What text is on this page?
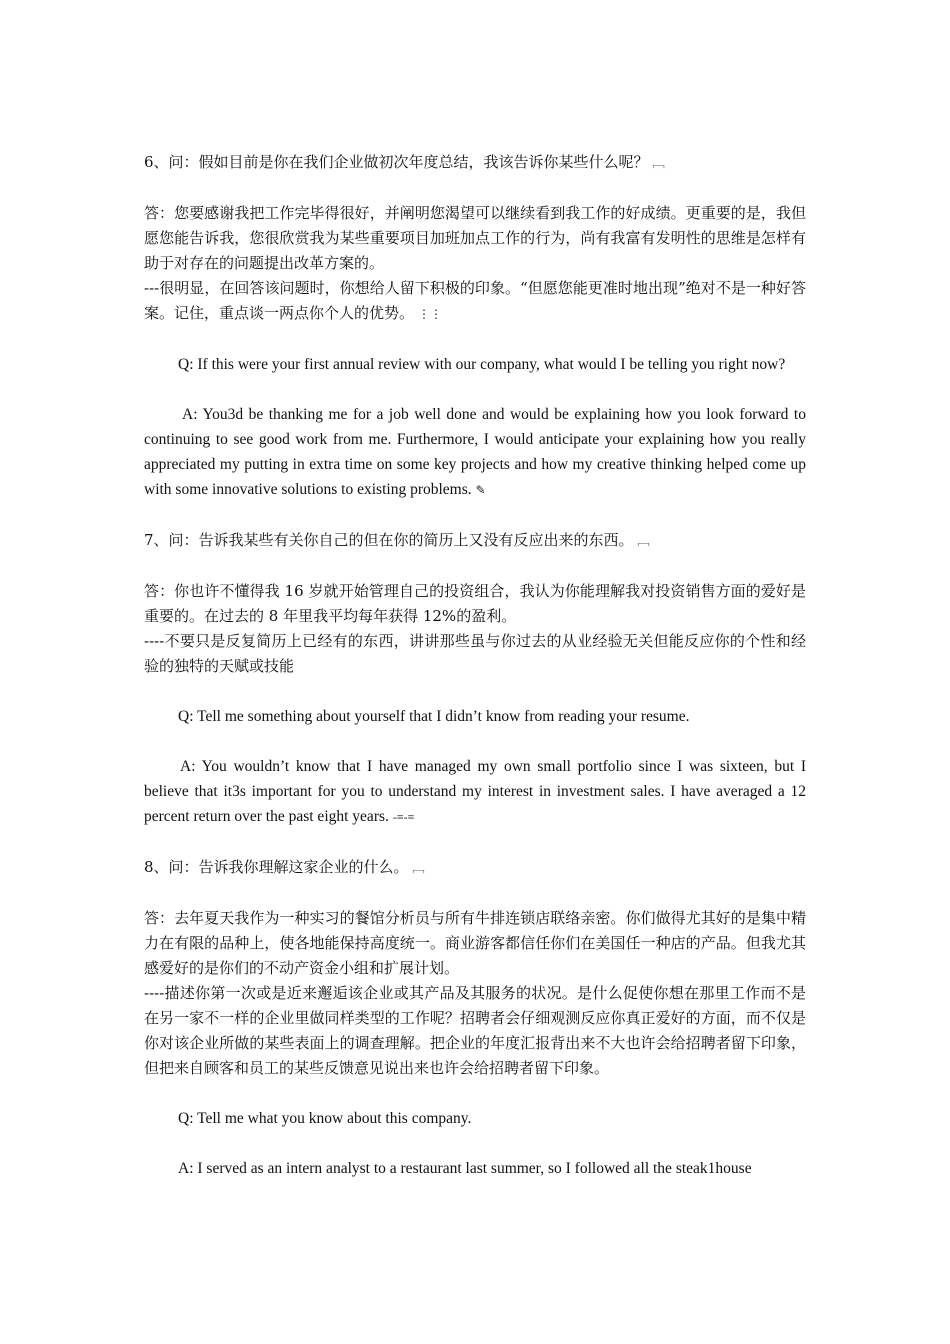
6、问：假如目前是你在我们企业做初次年度总结，我该告诉你某些什么呢？ ﹇

答：您要感谢我把工作完毕得很好，并阐明您渴望可以继续看到我工作的好成绩。更重要的是，我但愿您能告诉我，您很欣赏我为某些重要项目加班加点工作的行为，尚有我富有发明性的思维是怎样有助于对存在的问题提出改革方案的。

---很明显，在回答该问题时，你想给人留下积极的印象。“但愿您能更准时地出现”绝对不是一种好答案。记住，重点谈一两点你个人的优势。 ⋮⋮

Q: If this were your first annual review with our company, what would I be telling you right now?

A: You3d be thanking me for a job well done and would be explaining how you look forward to continuing to see good work from me. Furthermore, I would anticipate your explaining how you really appreciated my putting in extra time on some key projects and how my creative thinking helped come up with some innovative solutions to existing problems. ✎

7、问：告诉我某些有关你自己的但在你的简历上又没有反应出来的东西。 ﹇

答：你也许不懂得我 16 岁就开始管理自己的投资组合，我认为你能理解我对投资销售方面的爱好是重要的。在过去的 8 年里我平均每年获得 12%的盈利。

----不要只是反复简历上已经有的东西，讲讲那些虽与你过去的从业经验无关但能反应你的个性和经验的独特的天赋或技能

Q: Tell me something about yourself that I didn’t know from reading your resume.

A: You wouldn’t know that I have managed my own small portfolio since I was sixteen, but I believe that it3s important for you to understand my interest in investment sales. I have averaged a 12 percent return over the past eight years. -≡-≡

8、问：告诉我你理解这家企业的什么。 ﹇

答：去年夏天我作为一种实习的餐馆分析员与所有牛排连锁店联络亲密。你们做得尤其好的是集中精力在有限的品种上，使各地能保持高度统一。商业游客都信任你们在美国任一种店的产品。但我尤其感爱好的是你们的不动产资金小组和扩展计划。

----描述你第一次或是近来邂逅该企业或其产品及其服务的状况。是什么促使你想在那里工作而不是在另一家不一样的企业里做同样类型的工作呢？招聘者会仔细观测反应你真正爱好的方面，而不仅是你对该企业所做的某些表面上的调查理解。把企业的年度汇报背出来不大也许会给招聘者留下印象，但把来自顾客和员工的某些反馈意见说出来也许会给招聘者留下印象。

Q: Tell me what you know about this company.

A: I served as an intern analyst to a restaurant last summer, so I followed all the steak1house
